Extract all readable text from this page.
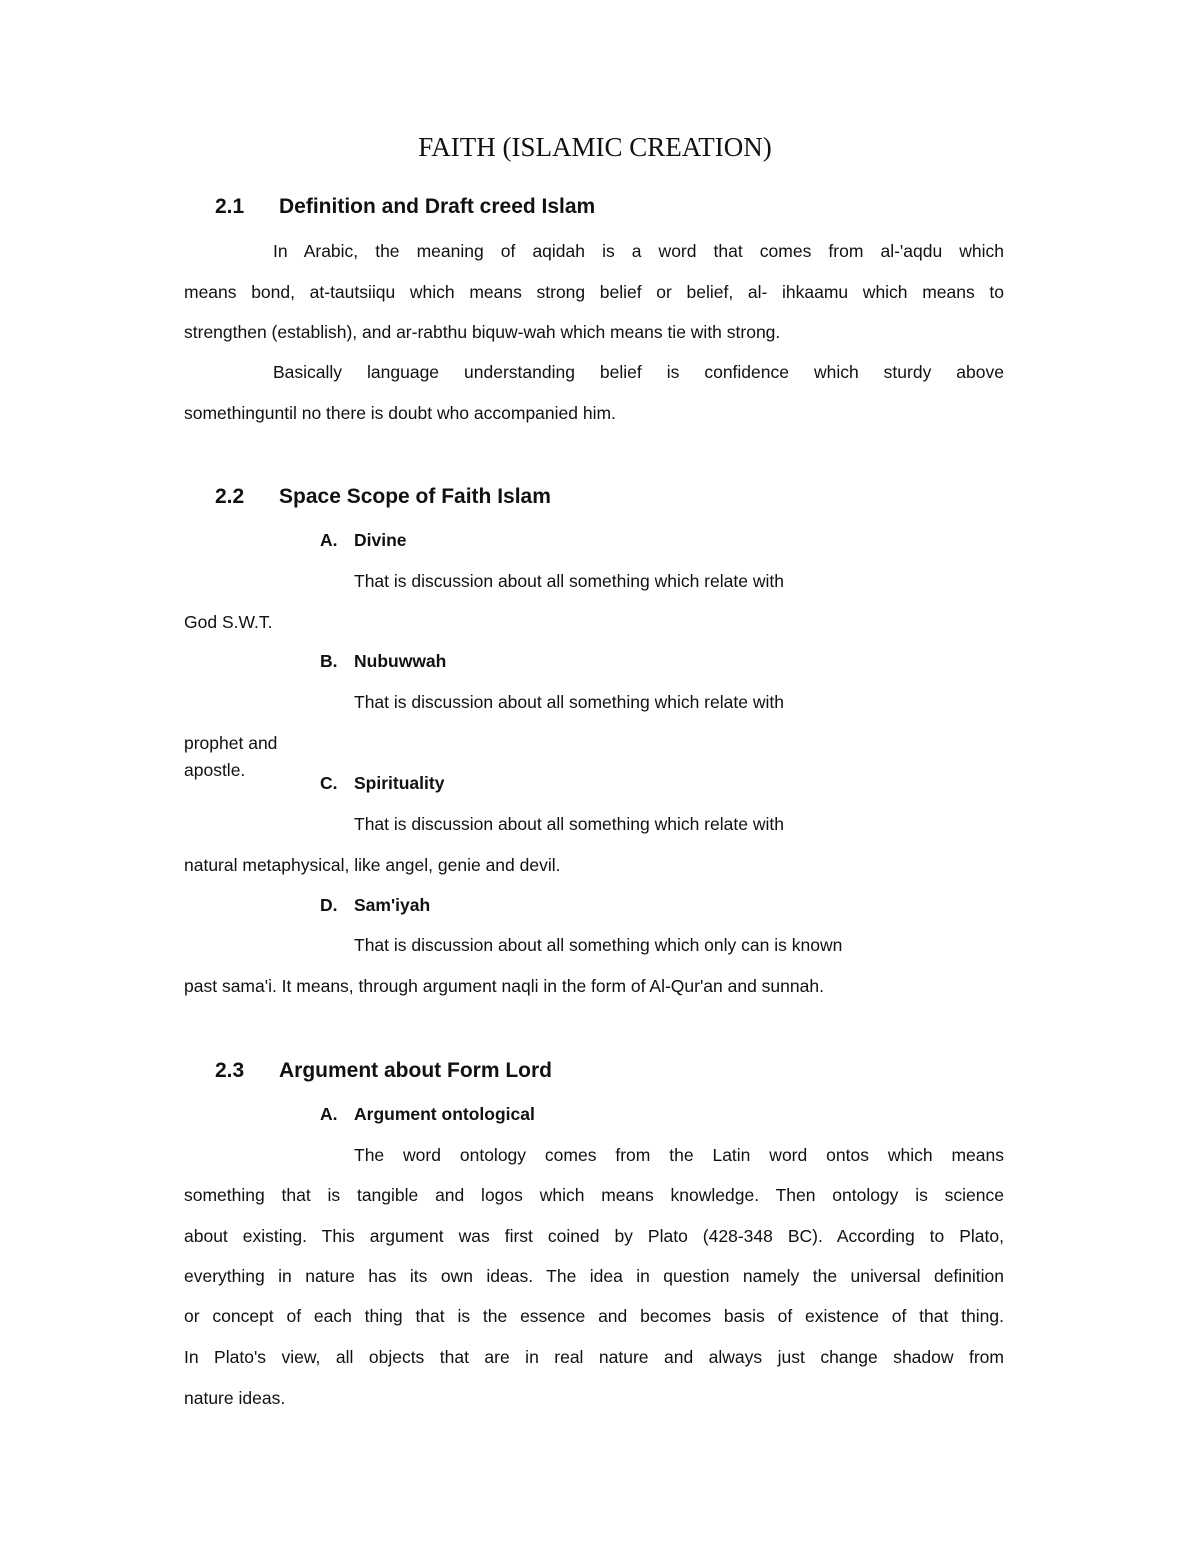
FAITH (ISLAMIC CREATION)
2.1 Definition and Draft creed Islam
In Arabic, the meaning of aqidah is a word that comes from al-'aqdu which
means bond, at-tautsiiqu which means strong belief or belief, al- ihkaamu which means to
strengthen (establish), and ar-rabthu biquw-wah which means tie with strong.
Basically language understanding belief is confidence which sturdy above
somethinguntil no there is doubt who accompanied him.
2.2 Space Scope of Faith Islam
A. Divine
That is discussion about all something which relate with
God S.W.T.
B. Nubuwwah
That is discussion about all something which relate with
prophet and
apostle.
C. Spirituality
That is discussion about all something which relate with
natural metaphysical, like angel, genie and devil.
D. Sam'iyah
That is discussion about all something which only can is known
past sama'i. It means, through argument naqli in the form of Al-Qur'an and sunnah.
2.3 Argument about Form Lord
A. Argument ontological
The word ontology comes from the Latin word ontos which means
something that is tangible and logos which means knowledge. Then ontology is science
about existing. This argument was first coined by Plato (428-348 BC). According to Plato,
everything in nature has its own ideas. The idea in question namely the universal definition
or concept of each thing that is the essence and becomes basis of existence of that thing.
In Plato's view, all objects that are in real nature and always just change shadow from
nature ideas.
